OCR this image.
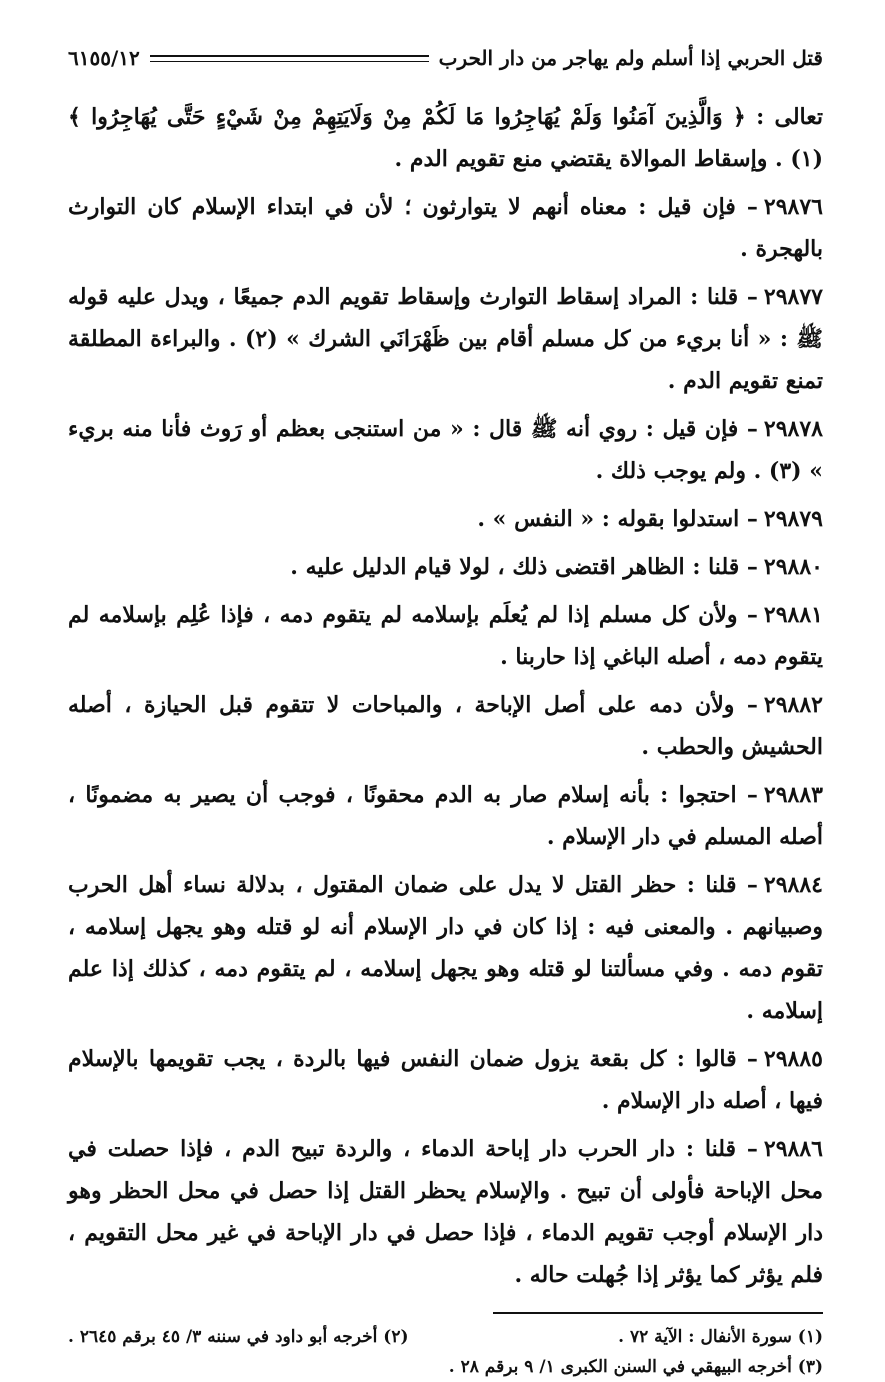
قتل الحربي إذا أسلم ولم يهاجر من دار الحرب
٦١٥٥/١٢

تعالى : ﴿ وَالَّذِينَ آمَنُوا وَلَمْ يُهَاجِرُوا مَا لَكُمْ مِنْ وَلَايَتِهِمْ مِنْ شَيْءٍ حَتَّى يُهَاجِرُوا ﴾ (١) . وإسقاط الموالاة يقتضي منع تقويم الدم .

٢٩٨٧٦– فإن قيل : معناه أنهم لا يتوارثون ؛ لأن في ابتداء الإسلام كان التوارث بالهجرة .

٢٩٨٧٧– قلنا : المراد إسقاط التوارث وإسقاط تقويم الدم جميعًا ، ويدل عليه قوله ﷺ : « أنا بريء من كل مسلم أقام بين ظَهْرَانَي الشرك » (٢) . والبراءة المطلقة تمنع تقويم الدم .

٢٩٨٧٨– فإن قيل : روي أنه ﷺ قال : « من استنجى بعظم أو رَوث فأنا منه بريء » (٣) . ولم يوجب ذلك .

٢٩٨٧٩– استدلوا بقوله : « النفس » .

٢٩٨٨٠– قلنا : الظاهر اقتضى ذلك ، لولا قيام الدليل عليه .

٢٩٨٨١– ولأن كل مسلم إذا لم يُعلَم بإسلامه لم يتقوم دمه ، فإذا عُلِم بإسلامه لم يتقوم دمه ، أصله الباغي إذا حاربنا .

٢٩٨٨٢– ولأن دمه على أصل الإباحة ، والمباحات لا تتقوم قبل الحيازة ، أصله الحشيش والحطب .

٢٩٨٨٣– احتجوا : بأنه إسلام صار به الدم محقونًا ، فوجب أن يصير به مضمونًا ، أصله المسلم في دار الإسلام .

٢٩٨٨٤– قلنا : حظر القتل لا يدل على ضمان المقتول ، بدلالة نساء أهل الحرب وصبيانهم . والمعنى فيه : إذا كان في دار الإسلام أنه لو قتله وهو يجهل إسلامه ، تقوم دمه . وفي مسألتنا لو قتله وهو يجهل إسلامه ، لم يتقوم دمه ، كذلك إذا علم إسلامه .

٢٩٨٨٥– قالوا : كل بقعة يزول ضمان النفس فيها بالردة ، يجب تقويمها بالإسلام فيها ، أصله دار الإسلام .

٢٩٨٨٦– قلنا : دار الحرب دار إباحة الدماء ، والردة تبيح الدم ، فإذا حصلت في محل الإباحة فأولى أن تبيح . والإسلام يحظر القتل إذا حصل في محل الحظر وهو دار الإسلام أوجب تقويم الدماء ، فإذا حصل في دار الإباحة في غير محل التقويم ، فلم يؤثر كما يؤثر إذا جُهلت حاله .

(١) سورة الأنفال : الآية ٧٢ .
(٢) أخرجه أبو داود في سننه ٣/ ٤٥ برقم ٢٦٤٥ .
(٣) أخرجه البيهقي في السنن الكبرى ١/ ٩ برقم ٢٨ .
